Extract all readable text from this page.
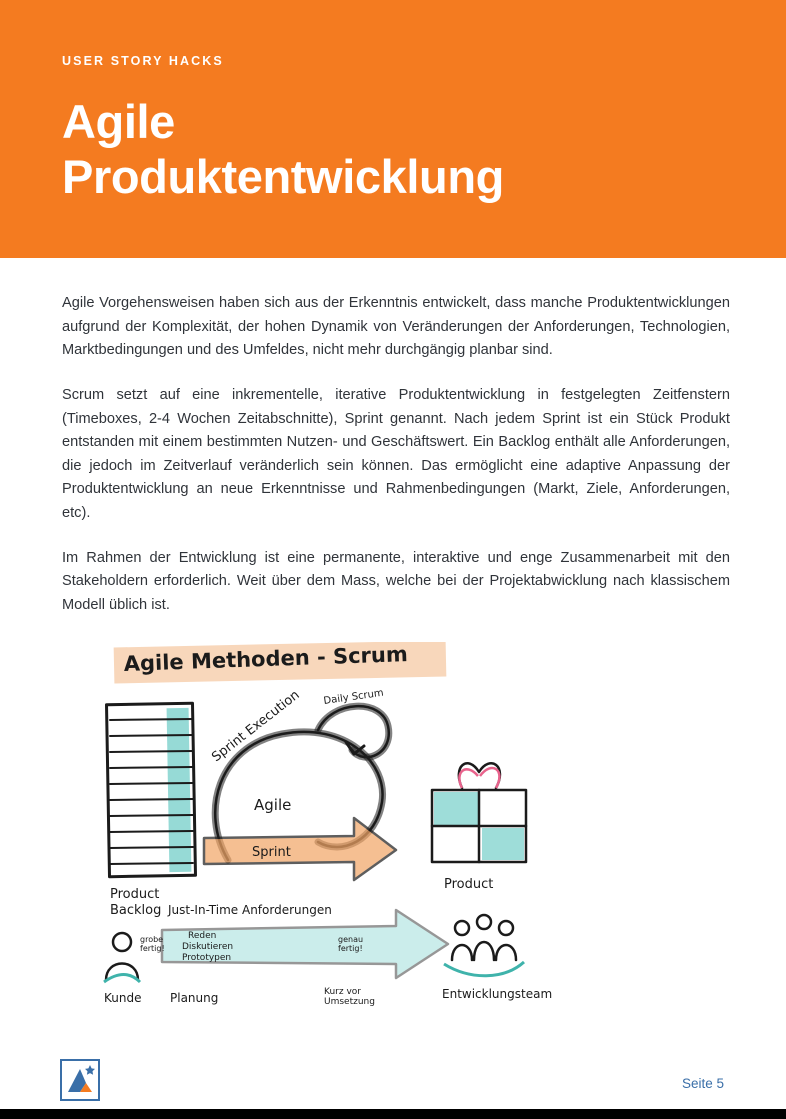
USER STORY HACKS
Agile
Produktentwicklung

Agile Vorgehensweisen haben sich aus der Erkenntnis entwickelt, dass manche Produktentwicklungen aufgrund der Komplexität, der hohen Dynamik von Veränderungen der Anforderungen, Technologien, Marktbedingungen und des Umfeldes, nicht mehr durchgängig planbar sind.

Scrum setzt auf eine inkrementelle, iterative Produktentwicklung in festgelegten Zeitfenstern (Timeboxes, 2-4 Wochen Zeitabschnitte), Sprint genannt. Nach jedem Sprint ist ein Stück Produkt entstanden mit einem bestimmten Nutzen- und Geschäftswert. Ein Backlog enthält alle Anforderungen, die jedoch im Zeitverlauf veränderlich sein können. Das ermöglicht eine adaptive Anpassung der Produktentwicklung an neue Erkenntnisse und Rahmenbedingungen (Markt, Ziele, Anforderungen, etc).

Im Rahmen der Entwicklung ist eine permanente, interaktive und enge Zusammenarbeit mit den Stakeholdern erforderlich. Weit über dem Mass, welche bei der Projektabwicklung nach klassischem Modell üblich ist.

Agile Methoden - Scrum
Product
Backlog
Sprint Execution
Agile
Daily Scrum
Sprint
Product
Kunde
Just-In-Time Anforderungen
Reden
Diskutieren
Prototypen
grobe
fertig!
genau
fertig!
Planung	Kurz vor
Umsetzung
Entwicklungsteam
Seite 5
